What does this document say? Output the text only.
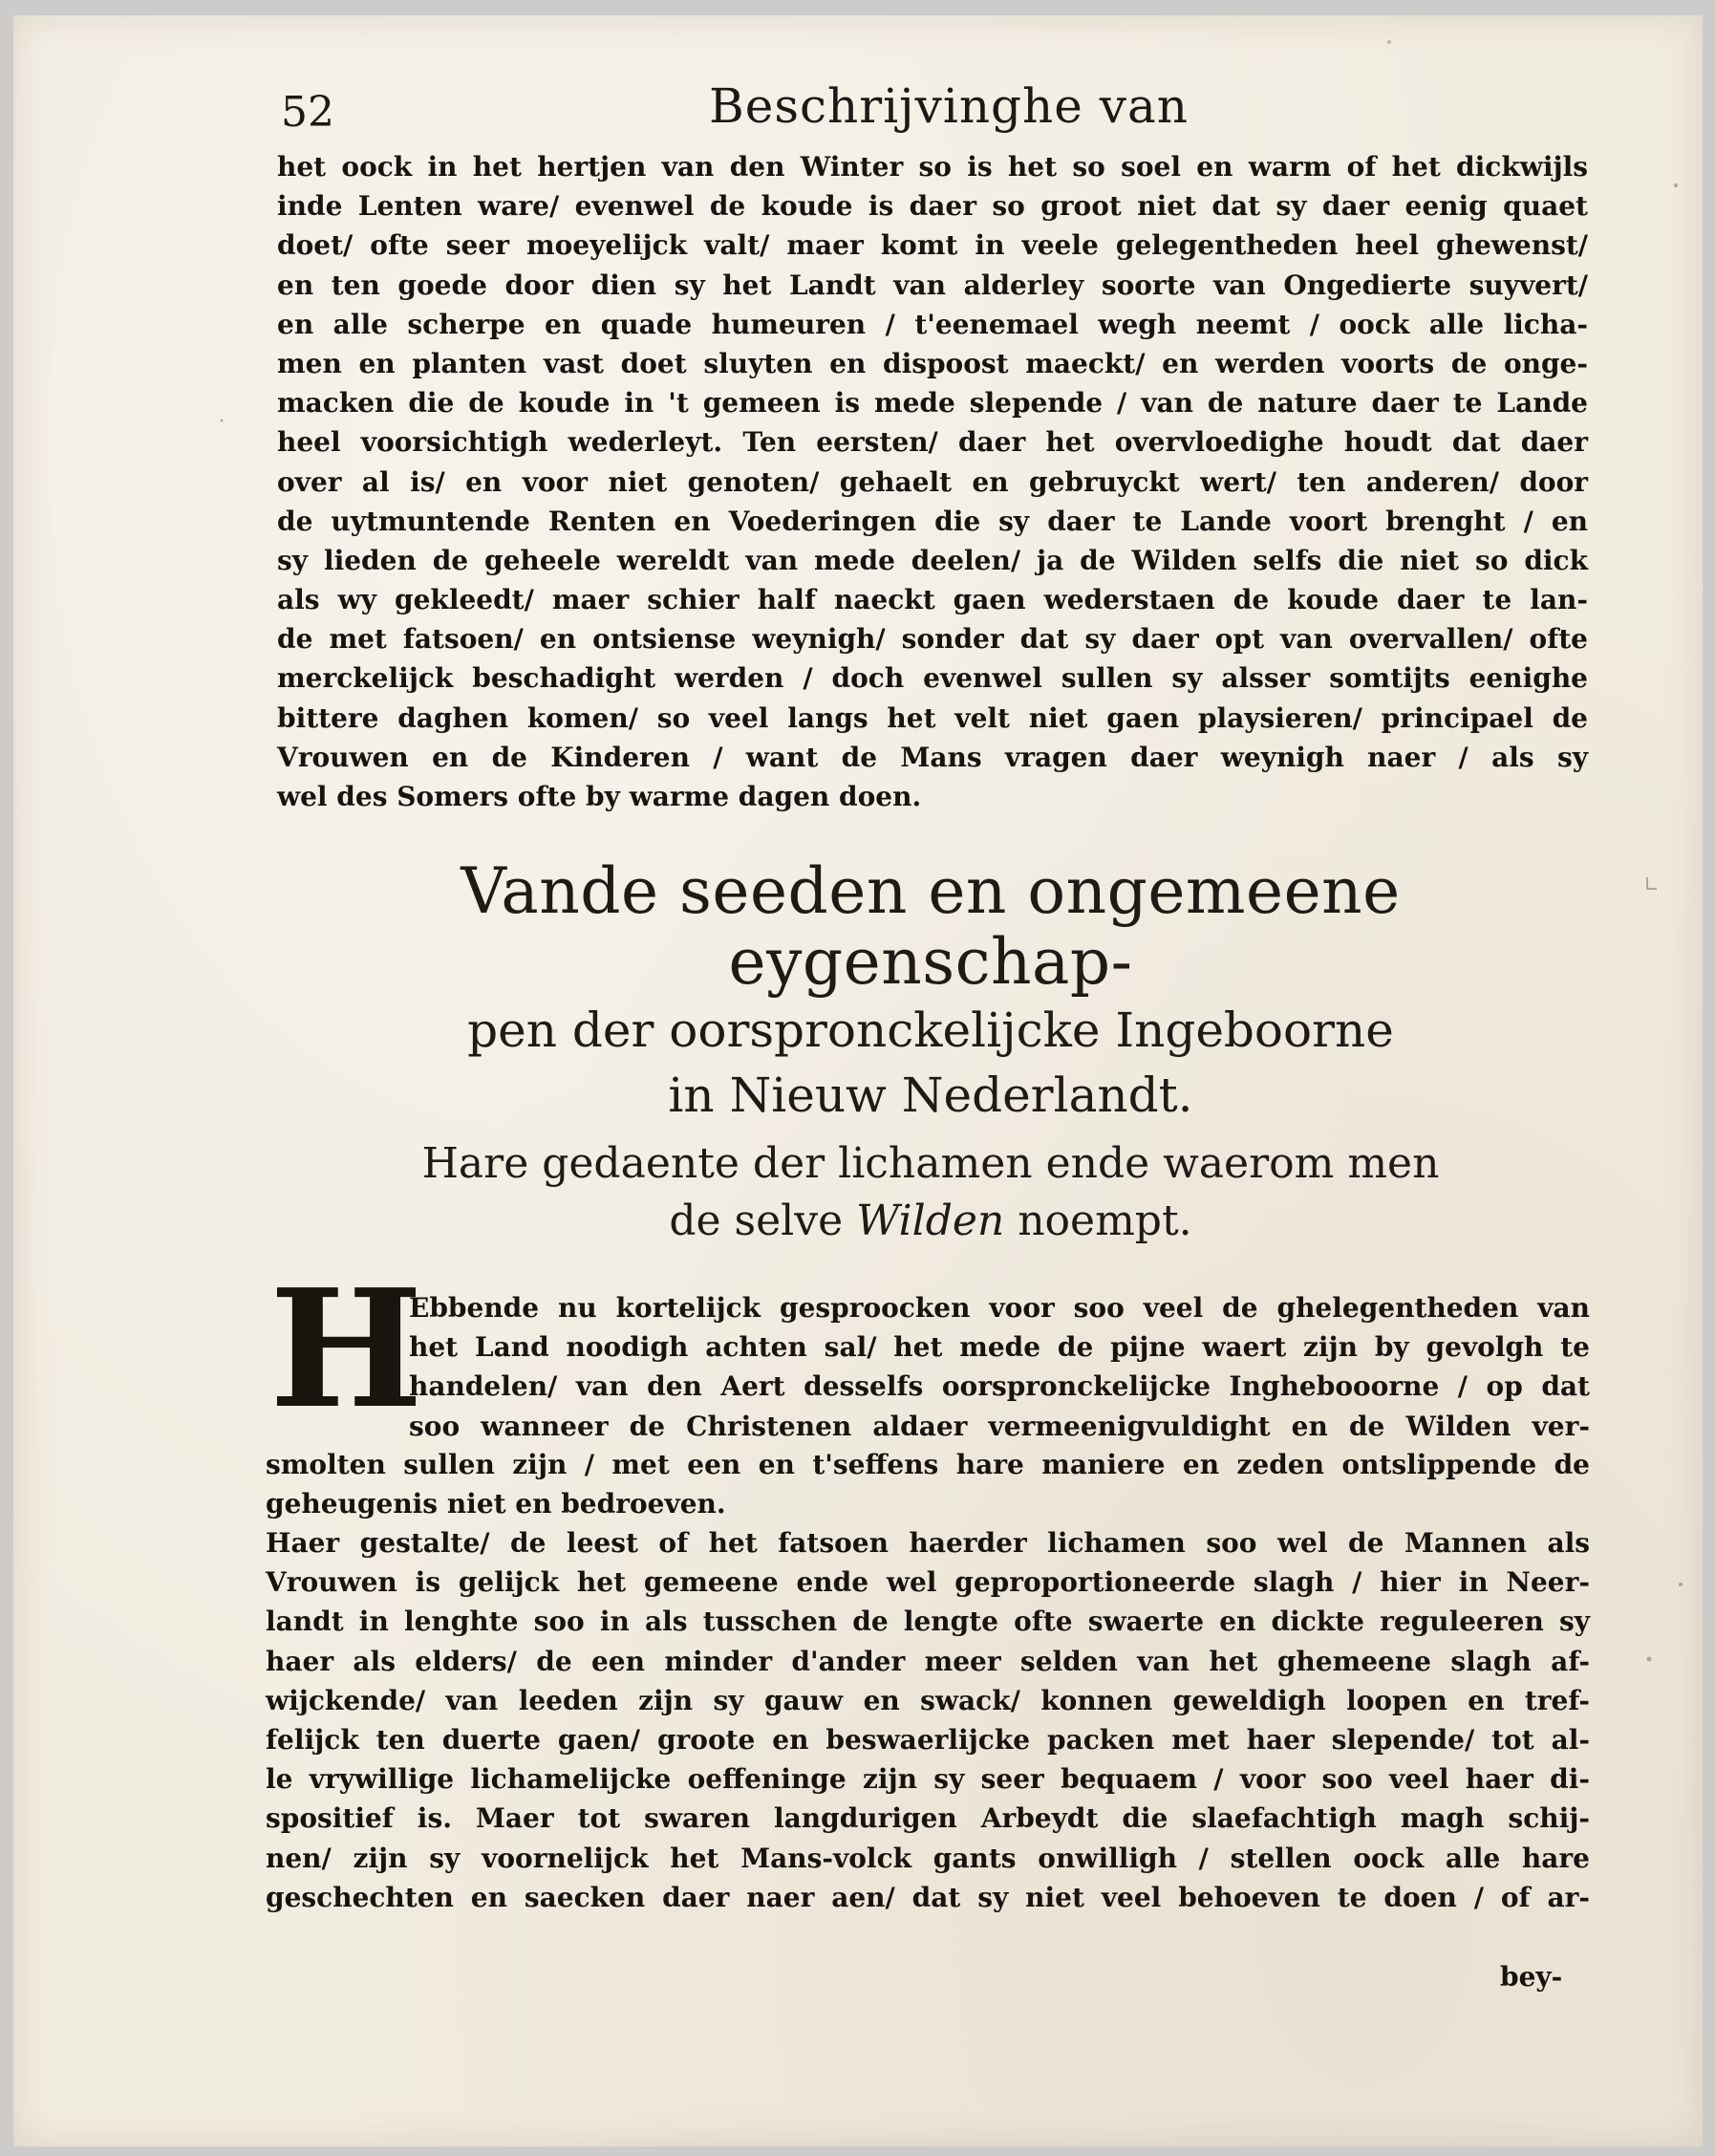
52	Beschrijvinghe van
het oock in het hertjen van den Winter so is het so soel en warm of het dickwijls
inde Lenten ware/ evenwel de koude is daer so groot niet dat sy daer eenig quaet
doet/ ofte seer moeyelijck valt/ maer komt in veele gelegentheden heel ghewenst/
en ten goede door dien sy het Landt van alderley soorte van Ongedierte suyvert/
en alle scherpe en quade humeuren / t'eenemael wegh neemt / oock alle licha-
men en planten vast doet sluyten en dispoost maeckt/ en werden voorts de onge-
macken die de koude in 't gemeen is mede slepende / van de nature daer te Lande
heel voorsichtigh wederleyt. Ten eersten/ daer het overvloedighe houdt dat daer
over al is/ en voor niet genoten/ gehaelt en gebruyckt wert/ ten anderen/ door
de uytmuntende Renten en Voederingen die sy daer te Lande voort brenght / en
sy lieden de geheele wereldt van mede deelen/ ja de Wilden selfs die niet so dick
als wy gekleedt/ maer schier half naeckt gaen wederstaen de koude daer te lan-
de met fatsoen/ en ontsiense weynigh/ sonder dat sy daer opt van overvallen/ ofte
merckelijck beschadight werden / doch evenwel sullen sy alsser somtijts eenighe
bittere daghen komen/ so veel langs het velt niet gaen playsieren/ principael de
Vrouwen en de Kinderen / want de Mans vragen daer weynigh naer / als sy
wel des Somers ofte by warme dagen doen.
Vande seeden en ongemeene eygenschap-
pen der oorspronckelijcke Ingeboorne
in Nieuw Nederlandt.
Hare gedaente der lichamen ende waerom men
de selve Wilden noempt.
H
Ebbende nu kortelijck gesproocken voor soo veel de ghelegentheden van
het Land noodigh achten sal/ het mede de pijne waert zijn by gevolgh te
handelen/ van den Aert desselfs oorspronckelijcke Inghebooorne / op dat
soo wanneer de Christenen aldaer vermeenigvuldight en de Wilden ver-
smolten sullen zijn / met een en t'seffens hare maniere en zeden ontslippende de
geheugenis niet en bedroeven.
Haer gestalte/ de leest of het fatsoen haerder lichamen soo wel de Mannen als
Vrouwen is gelijck het gemeene ende wel geproportioneerde slagh / hier in Neer-
landt in lenghte soo in als tusschen de lengte ofte swaerte en dickte reguleeren sy
haer als elders/ de een minder d'ander meer selden van het ghemeene slagh af-
wijckende/ van leeden zijn sy gauw en swack/ konnen geweldigh loopen en tref-
felijck ten duerte gaen/ groote en beswaerlijcke packen met haer slepende/ tot al-
le vrywillige lichamelijcke oeffeninge zijn sy seer bequaem / voor soo veel haer di-
spositief is. Maer tot swaren langdurigen Arbeydt die slaefachtigh magh schij-
nen/ zijn sy voornelijck het Mans-volck gants onwilligh / stellen oock alle hare
geschechten en saecken daer naer aen/ dat sy niet veel behoeven te doen / of ar-
bey-
